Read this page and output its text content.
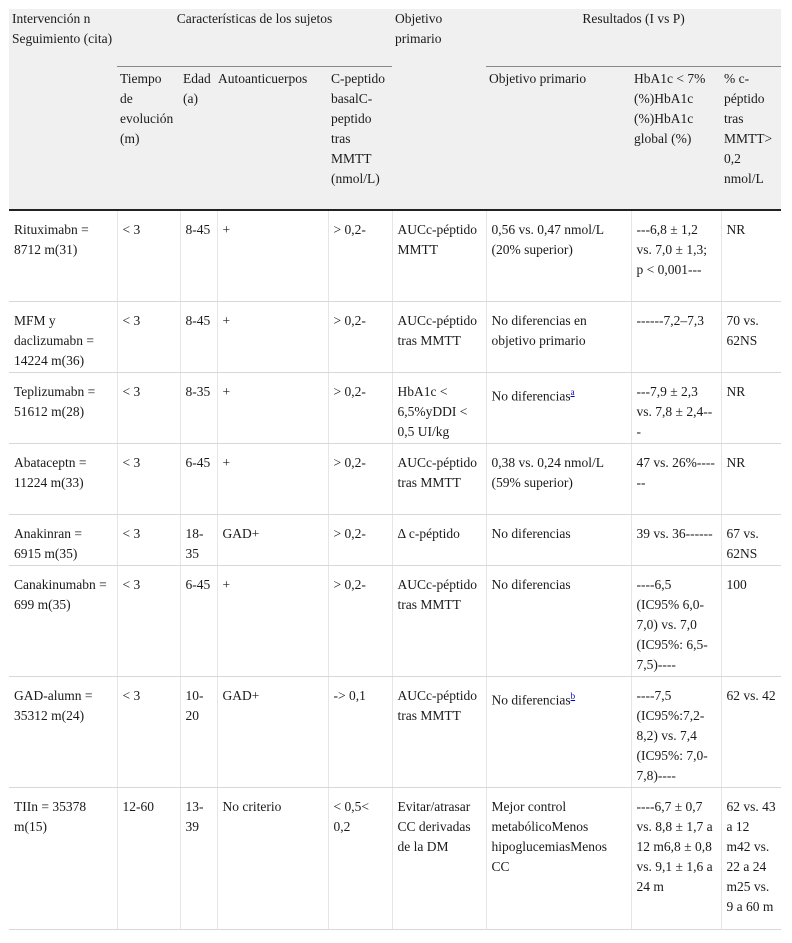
Intervención n Seguimiento (cita)	Características de los sujetos				Objetivo primario	Resultados (I vs P)		
	Tiempo de evolución (m)	Edad (a)	Autoanticuerpos	C-peptido basalC-peptido tras MMTT (nmol/L)		Objetivo primario	HbA1c < 7% (%)HbA1c (%)HbA1c global (%)	% c-péptido tras MMTT> 0,2 nmol/L
Rituximabn = 8712 m(31)	< 3	8-45	+	> 0,2-	AUCc-péptido MMTT	0,56 vs. 0,47 nmol/L (20% superior)	---6,8 ± 1,2 vs. 7,0 ± 1,3; p < 0,001---	NR
MFM y daclizumabn = 14224 m(36)	< 3	8-45	+	> 0,2-	AUCc-péptido tras MMTT	No diferencias en objetivo primario	------7,2–7,3	70 vs. 62NS
Teplizumabn = 51612 m(28)	< 3	8-35	+	> 0,2-	HbA1c < 6,5%yDDI < 0,5 UI/kg	No diferencias$^a$	---7,9 ± 2,3 vs. 7,8 ± 2,4---	NR
Abataceptn = 11224 m(33)	< 3	6-45	+	> 0,2-	AUCc-péptido tras MMTT	0,38 vs. 0,24 nmol/L (59% superior)	47 vs. 26%------	NR
Anakinran = 6915 m(35)	< 3	18-35	GAD+	> 0,2-	Δ c-péptido	No diferencias	39 vs. 36------	67 vs. 62NS
Canakinumabn = 699 m(35)	< 3	6-45	+	> 0,2-	AUCc-péptido tras MMTT	No diferencias	----6,5 (IC95% 6,0-7,0) vs. 7,0 (IC95%: 6,5-7,5)----	100
GAD-alumn = 35312 m(24)	< 3	10-20	GAD+	-> 0,1	AUCc-péptido tras MMTT	No diferencias$^b$	----7,5 (IC95%:7,2-8,2) vs. 7,4 (IC95%: 7,0-7,8)----	62 vs. 42
TIIn = 35378 m(15)	12-60	13-39	No criterio	< 0,5< 0,2	Evitar/atrasar CC derivadas de la DM	Mejor control metabólicoMenos hipoglucemiasMenos CC	----6,7 ± 0,7 vs. 8,8 ± 1,7 a 12 m6,8 ± 0,8 vs. 9,1 ± 1,6 a 24 m	62 vs. 43 a 12 m42 vs. 22 a 24 m25 vs. 9 a 60 m
